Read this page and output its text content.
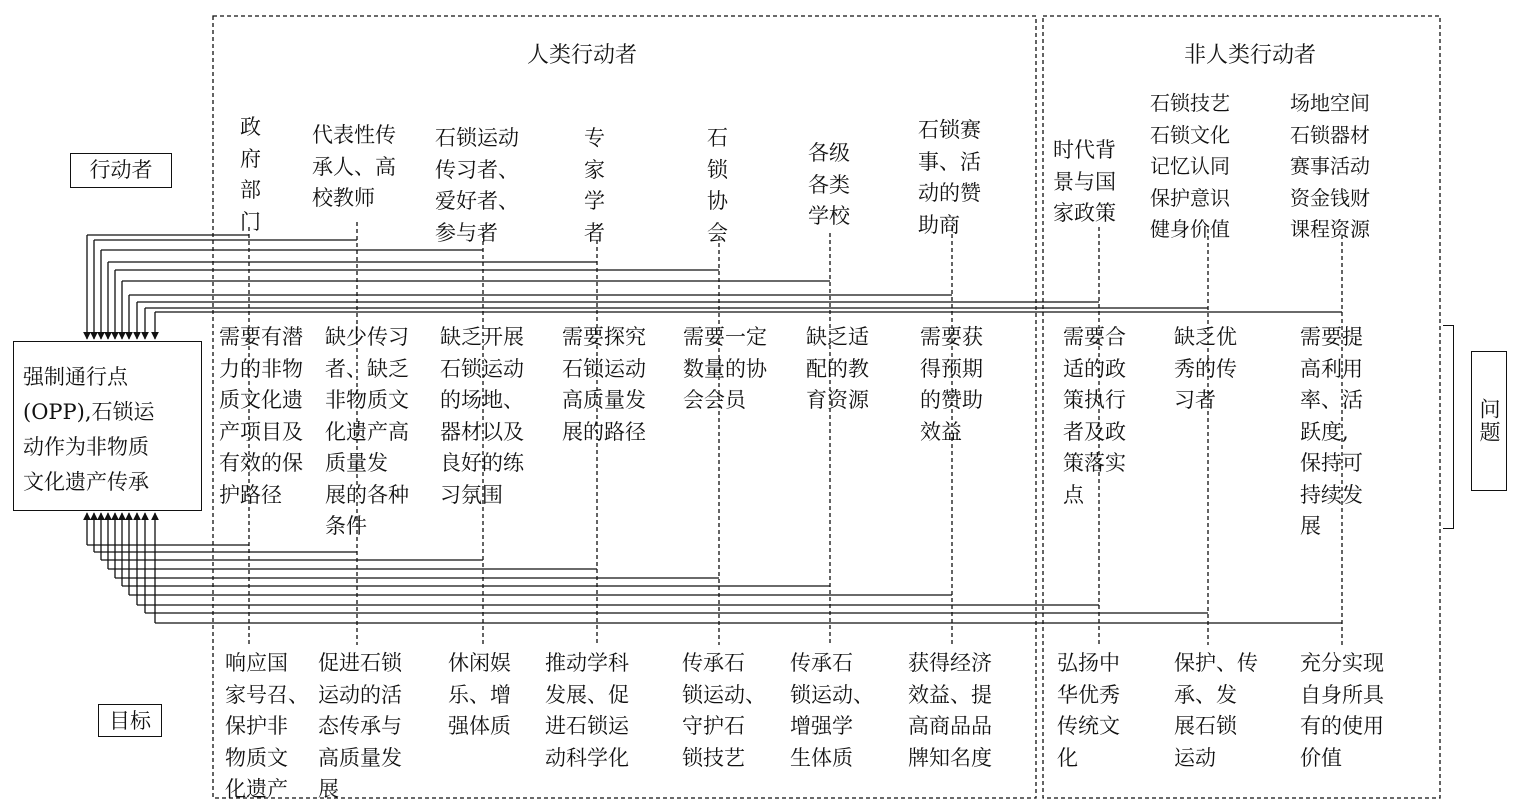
人类行动者	非人类行动者
行动者
目标
问题
强制通行点
(OPP),石锁运
动作为非物质
文化遗产传承
政
府
部
门
代表性传
承人、高
校教师
石锁运动
传习者、
爱好者、
参与者
专
家
学
者
石
锁
协
会
各级
各类
学校
石锁赛
事、活
动的赞
助商
时代背
景与国
家政策
石锁技艺
石锁文化
记忆认同
保护意识
健身价值
场地空间
石锁器材
赛事活动
资金钱财
课程资源
需要有潜
力的非物
质文化遗
产项目及
有效的保
护路径
缺少传习
者、缺乏
非物质文
化遗产高
质量发
展的各种
条件
缺乏开展
石锁运动
的场地、
器材以及
良好的练
习氛围
需要探究
石锁运动
高质量发
展的路径
需要一定
数量的协
会会员
缺乏适
配的教
育资源
需要获
得预期
的赞助
效益
需要合
适的政
策执行
者及政
策落实
点
缺乏优
秀的传
习者
需要提
高利用
率、活
跃度,
保持可
持续发
展
响应国
家号召、
保护非
物质文
化遗产
促进石锁
运动的活
态传承与
高质量发
展
休闲娱
乐、增
强体质
推动学科
发展、促
进石锁运
动科学化
传承石
锁运动、
守护石
锁技艺
传承石
锁运动、
增强学
生体质
获得经济
效益、提
高商品品
牌知名度
弘扬中
华优秀
传统文
化
保护、传
承、发
展石锁
运动
充分实现
自身所具
有的使用
价值
